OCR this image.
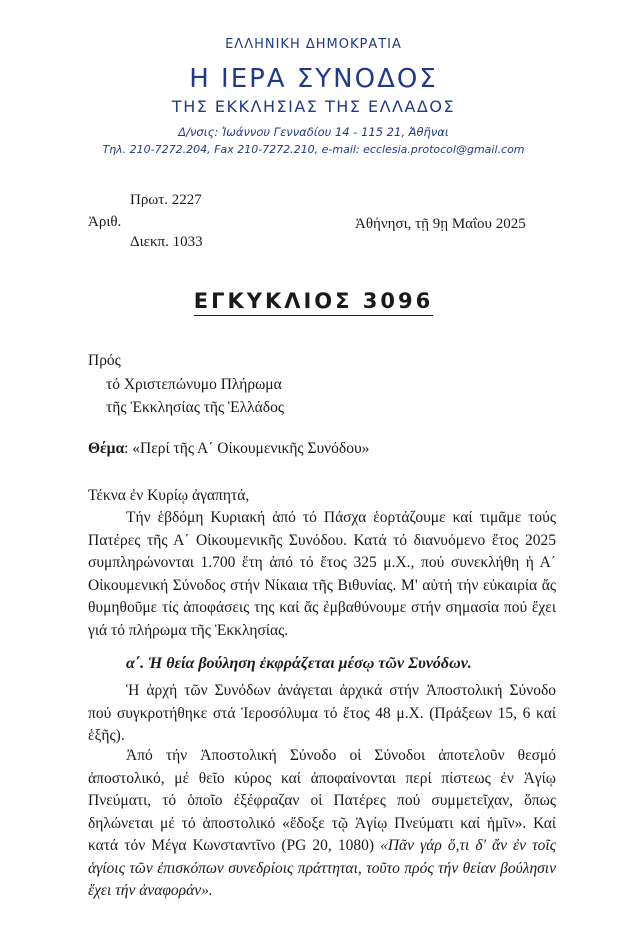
ΕΛΛΗΝΙΚΗ ΔΗΜΟΚΡΑΤΙΑ
Η ΙΕΡΑ ΣΥΝΟΔΟΣ
ΤΗΣ ΕΚΚΛΗΣΙΑΣ ΤΗΣ ΕΛΛΑΔΟΣ
Δ/νσις: Ἰωάννου Γενναδίου 14 - 115 21, Ἀθῆναι
Τηλ. 210-7272.204, Fax 210-7272.210, e-mail: ecclesia.protocol@gmail.com
Πρωτ. 2227
Ἀριθ.
Διεκπ. 1033
Ἀθήνησι, τῇ 9ῃ Μαΐου 2025
ΕΓΚΥΚΛΙΟΣ 3096
Πρός
τό Χριστεπώνυμο Πλήρωμα
τῆς Ἐκκλησίας τῆς Ἑλλάδος
Θέμα: «Περί τῆς Α΄ Οἰκουμενικῆς Συνόδου»
Τέκνα ἐν Κυρίῳ ἀγαπητά,

Τήν ἑβδόμη Κυριακή ἀπό τό Πάσχα ἑορτάζουμε καί τιμᾶμε τούς Πατέρες τῆς Α΄ Οἰκουμενικῆς Συνόδου. Κατά τό διανυόμενο ἔτος 2025 συμπληρώνονται 1.700 ἔτη ἀπό τό ἔτος 325 μ.Χ., πού συνεκλήθη ἡ Α΄ Οἰκουμενική Σύνοδος στήν Νίκαια τῆς Βιθυνίας. Μ' αὐτή τήν εὐκαιρία ἄς θυμηθοῦμε τίς ἀποφάσεις της καί ἄς ἐμβαθύνουμε στήν σημασία πού ἔχει γιά τό πλήρωμα τῆς Ἐκκλησίας.

α΄. Ἡ θεία βούληση ἐκφράζεται μέσῳ τῶν Συνόδων.

Ἡ ἀρχή τῶν Συνόδων ἀνάγεται ἀρχικά στήν Ἀποστολική Σύνοδο πού συγκροτήθηκε στά Ἱεροσόλυμα τό ἔτος 48 μ.Χ. (Πράξεων 15, 6 καί ἑξῆς).

Ἀπό τήν Ἀποστολική Σύνοδο οἱ Σύνοδοι ἀποτελοῦν θεσμό ἀποστολικό, μέ θεῖο κύρος καί ἀποφαίνονται περί πίστεως ἐν Ἁγίῳ Πνεύματι, τό ὁποῖο ἐξέφραζαν οἱ Πατέρες πού συμμετεῖχαν, ὅπως δηλώνεται μέ τό ἀποστολικό «ἔδοξε τῷ Ἁγίῳ Πνεύματι καί ἡμῖν». Καί κατά τόν Μέγα Κωνσταντῖνο (PG 20, 1080) «Πᾶν γάρ ὅ,τι δ' ἄν ἐν τοῖς ἁγίοις τῶν ἐπισκόπων συνεδρίοις πράττηται, τοῦτο πρός τήν θείαν βούλησιν ἔχει τήν ἀναφοράν».
